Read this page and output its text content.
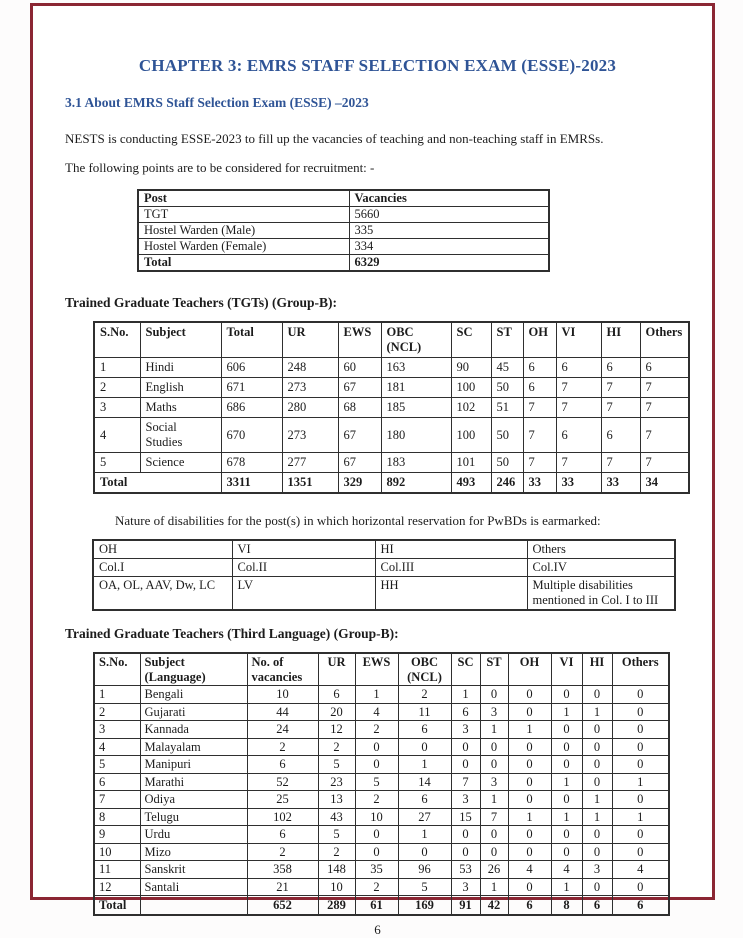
CHAPTER 3: EMRS STAFF SELECTION EXAM (ESSE)-2023
3.1 About EMRS Staff Selection Exam (ESSE) –2023
NESTS is conducting ESSE-2023 to fill up the vacancies of teaching and non-teaching staff in EMRSs.
The following points are to be considered for recruitment: -
Post	Vacancies
TGT	5660
Hostel Warden (Male)	335
Hostel Warden (Female)	334
Total	6329
Trained Graduate Teachers (TGTs) (Group-B):
S.No.	Subject	Total	UR	EWS	OBC (NCL)	SC	ST	OH	VI	HI	Others
1	Hindi	606	248	60	163	90	45	6	6	6	6
2	English	671	273	67	181	100	50	6	7	7	7
3	Maths	686	280	68	185	102	51	7	7	7	7
4	Social Studies	670	273	67	180	100	50	7	6	6	7
5	Science	678	277	67	183	101	50	7	7	7	7
Total		3311	1351	329	892	493	246	33	33	33	34
Nature of disabilities for the post(s) in which horizontal reservation for PwBDs is earmarked:
OH	VI	HI	Others
Col.I	Col.II	Col.III	Col.IV
OA, OL, AAV, Dw, LC	LV	HH	Multiple disabilities mentioned in Col. I to III
Trained Graduate Teachers (Third Language) (Group-B):
S.No.	Subject (Language)	No. of vacancies	UR	EWS	OBC (NCL)	SC	ST	OH	VI	HI	Others
1	Bengali	10	6	1	2	1	0	0	0	0	0
2	Gujarati	44	20	4	11	6	3	0	1	1	0
3	Kannada	24	12	2	6	3	1	1	0	0	0
4	Malayalam	2	2	0	0	0	0	0	0	0	0
5	Manipuri	6	5	0	1	0	0	0	0	0	0
6	Marathi	52	23	5	14	7	3	0	1	0	1
7	Odiya	25	13	2	6	3	1	0	0	1	0
8	Telugu	102	43	10	27	15	7	1	1	1	1
9	Urdu	6	5	0	1	0	0	0	0	0	0
10	Mizo	2	2	0	0	0	0	0	0	0	0
11	Sanskrit	358	148	35	96	53	26	4	4	3	4
12	Santali	21	10	2	5	3	1	0	1	0	0
Total		652	289	61	169	91	42	6	8	6	6
6
